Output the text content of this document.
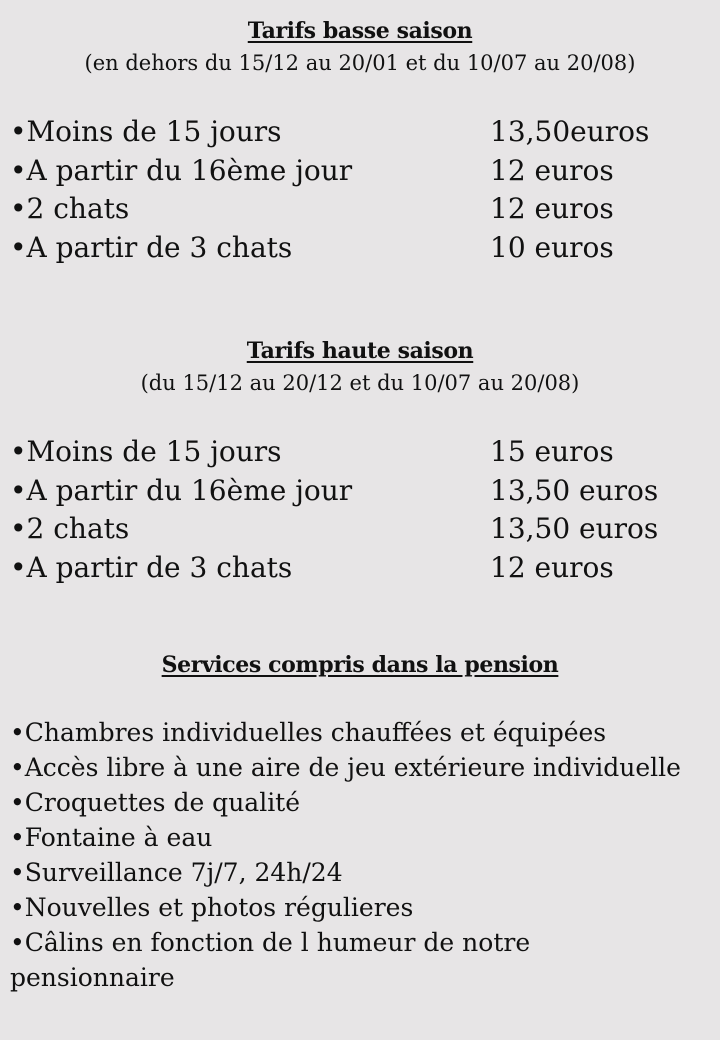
Tarifs basse saison
(en dehors du 15/12 au 20/01 et du 10/07 au 20/08)
•Moins de 15 jours	13,50euros
•A partir du 16ème jour	12 euros
•2 chats	12 euros
•A partir de 3 chats	10 euros
Tarifs haute saison
(du 15/12 au 20/12 et du 10/07 au 20/08)
•Moins de 15 jours	15 euros
•A partir du 16ème jour	13,50 euros
•2 chats	13,50 euros
•A partir de 3 chats	12 euros
Services compris dans la pension
•Chambres individuelles chauffées et équipées
•Accès libre à une aire de jeu extérieure individuelle
•Croquettes de qualité
•Fontaine à eau
•Surveillance 7j/7, 24h/24
•Nouvelles et photos régulieres
•Câlins en fonction de l humeur de notre pensionnaire
